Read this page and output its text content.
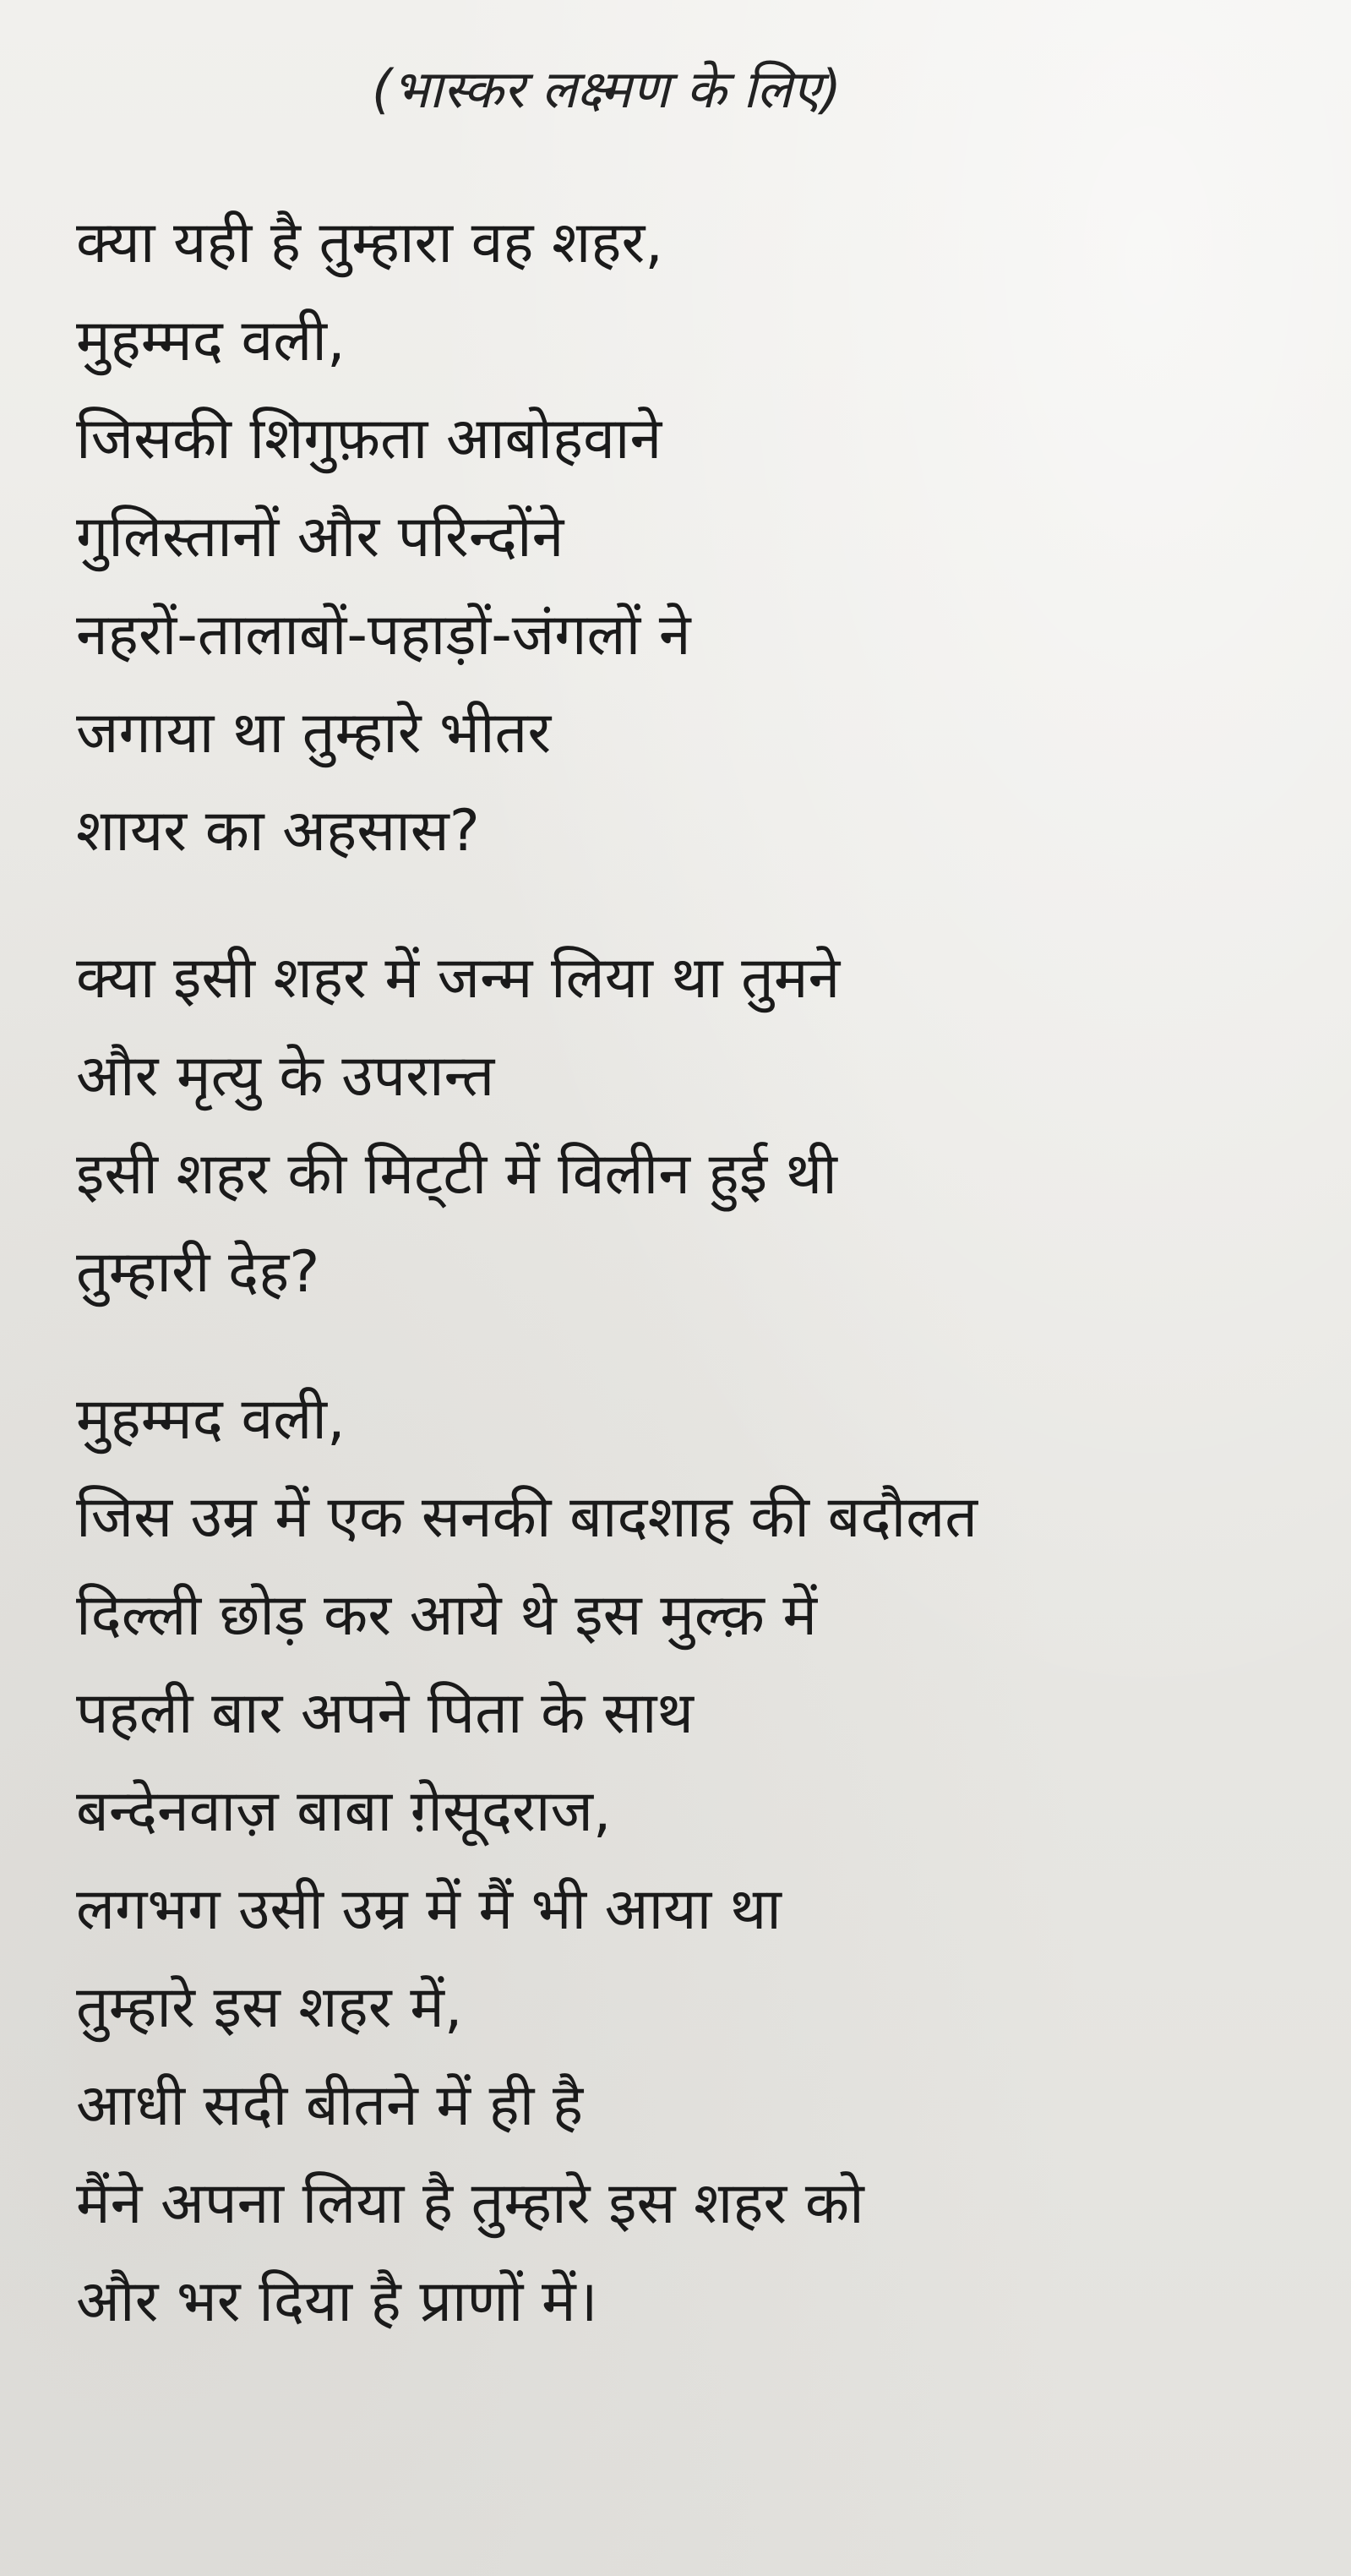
(भास्कर लक्ष्मण के लिए)
क्या यही है तुम्हारा वह शहर,
मुहम्मद वली,
जिसकी शिगुफ़ता आबोहवाने
गुलिस्तानों और परिन्दोंने
नहरों-तालाबों-पहाड़ों-जंगलों ने
जगाया था तुम्हारे भीतर
शायर का अहसास?
क्या इसी शहर में जन्म लिया था तुमने
और मृत्यु के उपरान्त
इसी शहर की मिट्‌टी में विलीन हुई थी
तुम्हारी देह?
मुहम्मद वली,
जिस उम्र में एक सनकी बादशाह की बदौलत
दिल्ली छोड़ कर आये थे इस मुल्क़ में
पहली बार अपने पिता के साथ
बन्देनवाज़ बाबा ग़ेसूदराज,
लगभग उसी उम्र में मैं भी आया था
तुम्हारे इस शहर में,
आधी सदी बीतने में ही है
मैंने अपना लिया है तुम्हारे इस शहर को
और भर दिया है प्राणों में।
